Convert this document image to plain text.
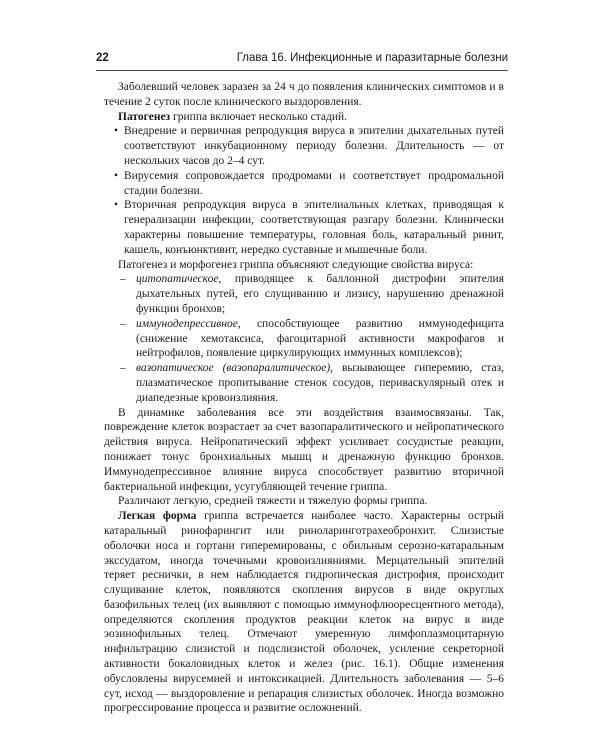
22	Глава 16. Инфекционные и паразитарные болезни

Заболевший человек заразен за 24 ч до появления клинических симптомов и в течение 2 суток после клинического выздоровления.

Патогенез гриппа включает несколько стадий.

• Внедрение и первичная репродукция вируса в эпителии дыхательных путей соответствуют инкубационному периоду болезни. Длительность — от нескольких часов до 2–4 сут.
• Вирусемия сопровождается продромами и соответствует продромальной стадии болезни.
• Вторичная репродукция вируса в эпителиальных клетках, приводящая к генерализации инфекции, соответствующая разгару болезни. Клинически характерны повышение температуры, головная боль, катаральный ринит, кашель, конъюнктивит, нередко суставные и мышечные боли.

Патогенез и морфогенез гриппа объясняют следующие свойства вируса:

– цитопатическое, приводящее к баллонной дистрофии эпителия дыхательных путей, его слущиванию и лизису, нарушению дренажной функции бронхов;
– иммунодепрессивное, способствующее развитию иммунодефицита (снижение хемотаксиса, фагоцитарной активности макрофагов и нейтрофилов, появление циркулирующих иммунных комплексов);
– вазопатическое (вазопаралитическое), вызывающее гиперемию, стаз, плазматическое пропитывание стенок сосудов, периваскулярный отек и диапедезные кровоизлияния.

В динамике заболевания все эти воздействия взаимосвязаны. Так, повреждение клеток возрастает за счет вазопаралитического и нейропатического действия вируса. Нейропатический эффект усиливает сосудистые реакции, понижает тонус бронхиальных мышц и дренажную функцию бронхов. Иммунодепрессивное влияние вируса способствует развитию вторичной бактериальной инфекции, усугубляющей течение гриппа.

Различают легкую, средней тяжести и тяжелую формы гриппа.

Легкая форма гриппа встречается наиболее часто. Характерны острый катаральный ринофарингит или риноларинготрахеобронхит. Слизистые оболочки носа и гортани гиперемированы, с обильным серозно-катаральным экссудатом, иногда точечными кровоизлияниями. Мерцательный эпителий теряет реснички, в нем наблюдается гидропическая дистрофия, происходит слущивание клеток, появляются скопления вирусов в виде округлых базофильных телец (их выявляют с помощью иммунофлюоресцентного метода), определяются скопления продуктов реакции клеток на вирус в виде эозинофильных телец. Отмечают умеренную лимфоплазмоцитарную инфильтрацию слизистой и подслизистой оболочек, усиление секреторной активности бокаловидных клеток и желез (рис. 16.1). Общие изменения обусловлены вирусемией и интоксикацией. Длительность заболевания — 5–6 сут, исход — выздоровление и репарация слизистых оболочек. Иногда возможно прогрессирование процесса и развитие осложнений.
